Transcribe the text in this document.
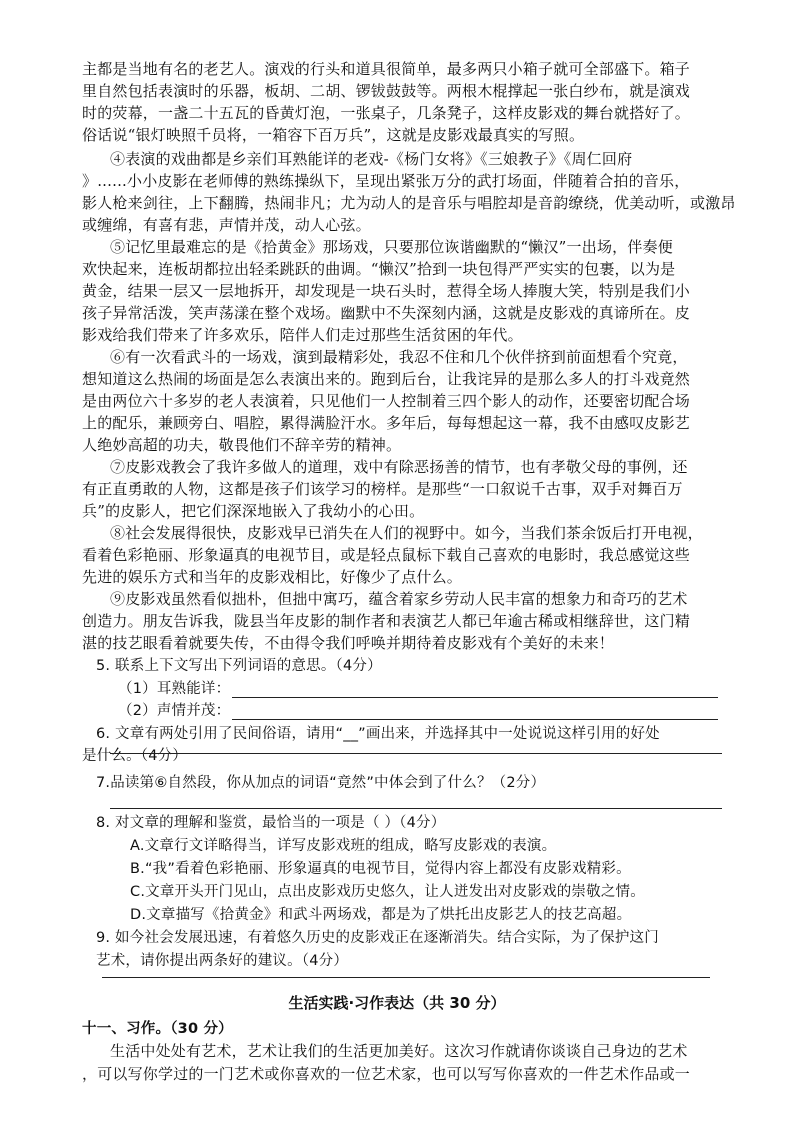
主都是当地有名的老艺人。演戏的行头和道具很简单，最多两只小箱子就可全部盛下。箱子
里自然包括表演时的乐器，板胡、二胡、锣钹鼓鼓等。两根木棍撑起一张白纱布，就是演戏
时的荧幕，一盏二十五瓦的昏黄灯泡，一张桌子，几条凳子，这样皮影戏的舞台就搭好了。
俗话说“银灯映照千员将，一箱容下百万兵”，这就是皮影戏最真实的写照。
④表演的戏曲都是乡亲们耳熟能详的老戏-《杨门女将》《三娘教子》《周仁回府
》......小小皮影在老师傅的熟练操纵下，呈现出紧张万分的武打场面，伴随着合拍的音乐，
影人枪来剑往，上下翻腾，热闹非凡；尤为动人的是音乐与唱腔却是音韵缭绕，优美动听，或激昂
或缠绵，有喜有悲，声情并茂，动人心弦。
⑤记忆里最难忘的是《拾黄金》那场戏，只要那位诙谐幽默的“懒汉”一出场，伴奏便
欢快起来，连板胡都拉出轻柔跳跃的曲调。“懒汉”拾到一块包得严严实实的包裹，以为是
黄金，结果一层又一层地拆开，却发现是一块石头时，惹得全场人捧腹大笑，特别是我们小
孩子异常活泼，笑声荡漾在整个戏场。幽默中不失深刻内涵，这就是皮影戏的真谛所在。皮
影戏给我们带来了许多欢乐，陪伴人们走过那些生活贫困的年代。
⑥有一次看武斗的一场戏，演到最精彩处，我忍不住和几个伙伴挤到前面想看个究竟，
想知道这么热闹的场面是怎么表演出来的。跑到后台，让我诧异的是那么多人的打斗戏竟然
是由两位六十多岁的老人表演着，只见他们一人控制着三四个影人的动作，还要密切配合场
上的配乐，兼顾旁白、唱腔，累得满脸汗水。多年后，每每想起这一幕，我不由感叹皮影艺
人绝妙高超的功夫，敬畏他们不辞辛劳的精神。
⑦皮影戏教会了我许多做人的道理，戏中有除恶扬善的情节，也有孝敬父母的事例，还
有正直勇敢的人物，这都是孩子们该学习的榜样。是那些“一口叙说千古事，双手对舞百万
兵”的皮影人，把它们深深地嵌入了我幼小的心田。
⑧社会发展得很快，皮影戏早已消失在人们的视野中。如今，当我们茶余饭后打开电视，
看着色彩艳丽、形象逼真的电视节目，或是轻点鼠标下载自己喜欢的电影时，我总感觉这些
先进的娱乐方式和当年的皮影戏相比，好像少了点什么。
⑨皮影戏虽然看似拙朴，但拙中寓巧，蕴含着家乡劳动人民丰富的想象力和奇巧的艺术
创造力。朋友告诉我，陇县当年皮影的制作者和表演艺人都已年逾古稀或相继辞世，这门精
湛的技艺眼看着就要失传，不由得令我们呼唤并期待着皮影戏有个美好的未来！
5. 联系上下文写出下列词语的意思。（4分）
（1）耳熟能详：
（2）声情并茂：
6. 文章有两处引用了民间俗语，请用“__”画出来，并选择其中一处说说这样引用的好处
是什么。（4分）
7.品读第⑥自然段，你从加点的词语“竟然”中体会到了什么？（2分）
8. 对文章的理解和鉴赏，最恰当的一项是（ ）（4分）
A.文章行文详略得当，详写皮影戏班的组成，略写皮影戏的表演。
B.“我”看着色彩艳丽、形象逼真的电视节目，觉得内容上都没有皮影戏精彩。
C.文章开头开门见山，点出皮影戏历史悠久，让人迸发出对皮影戏的崇敬之情。
D.文章描写《拾黄金》和武斗两场戏，都是为了烘托出皮影艺人的技艺高超。
9. 如今社会发展迅速，有着悠久历史的皮影戏正在逐渐消失。结合实际，为了保护这门
艺术，请你提出两条好的建议。（4分）
生活实践·习作表达（共 30 分）
十一、习作。（30 分）
生活中处处有艺术，艺术让我们的生活更加美好。这次习作就请你谈谈自己身边的艺术
，可以写你学过的一门艺术或你喜欢的一位艺术家，也可以写写你喜欢的一件艺术作品或一
